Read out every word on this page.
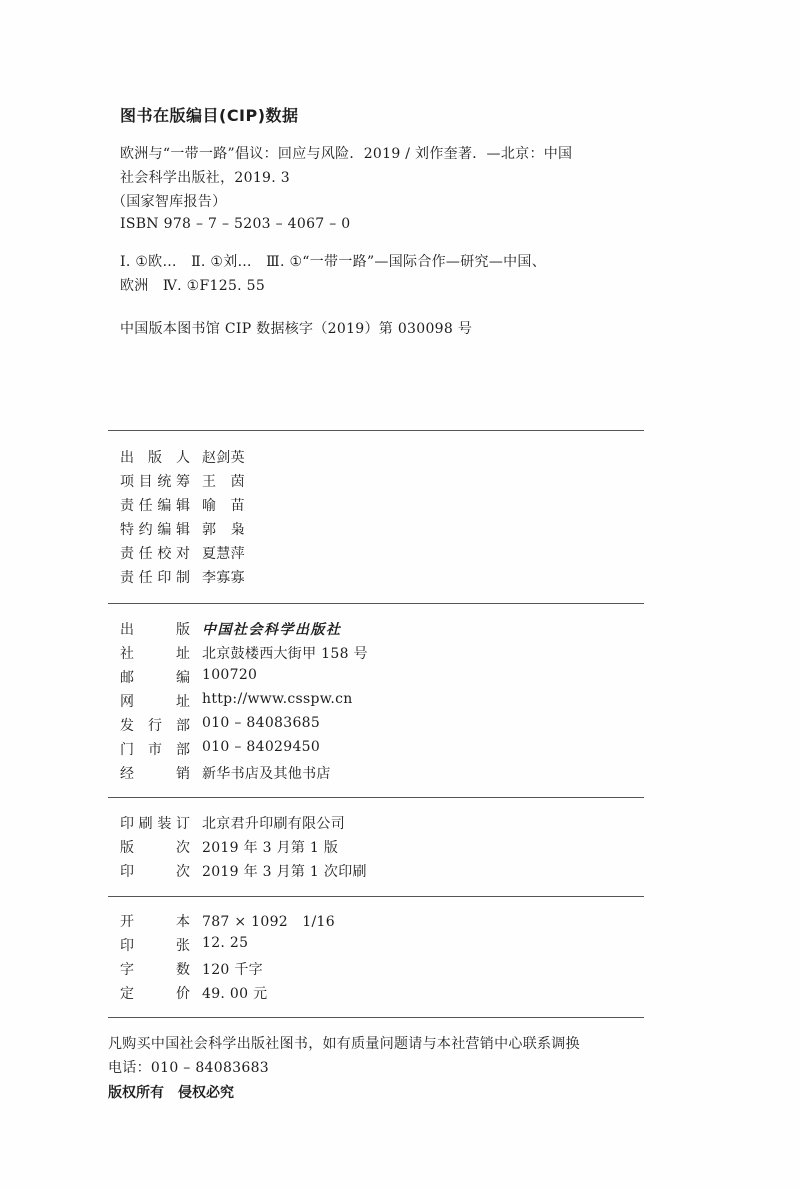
图书在版编目(CIP)数据
欧洲与“一带一路”倡议：回应与风险．2019 / 刘作奎著．—北京：中国
社会科学出版社，2019. 3
（国家智库报告）
ISBN 978 – 7 – 5203 – 4067 – 0
Ⅰ. ①欧…　Ⅱ. ①刘…　Ⅲ. ①“一带一路”—国际合作—研究—中国、
欧洲　Ⅳ. ①F125. 55
中国版本图书馆 CIP 数据核字（2019）第 030098 号
出 版 人 赵剑英
项 目 统 筹 王　茵
责 任 编 辑 喻　苗
特 约 编 辑 郭　枭
责 任 校 对 夏慧萍
责 任 印 制 李寡寡
出	版 中国社会科学出版社
社	址 北京鼓楼西大街甲 158 号
邮	编 100720
网	址 http://www.csspw.cn
发 行 部 010 – 84083685
门 市 部 010 – 84029450
经	销 新华书店及其他书店
印 刷 装 订 北京君升印刷有限公司
版	次 2019 年 3 月第 1 版
印	次 2019 年 3 月第 1 次印刷
开	本 787 × 1092　1/16
印	张 12. 25
字	数 120 千字
定	价 49. 00 元
凡购买中国社会科学出版社图书，如有质量问题请与本社营销中心联系调换
电话：010 – 84083683
版权所有 侵权必究
